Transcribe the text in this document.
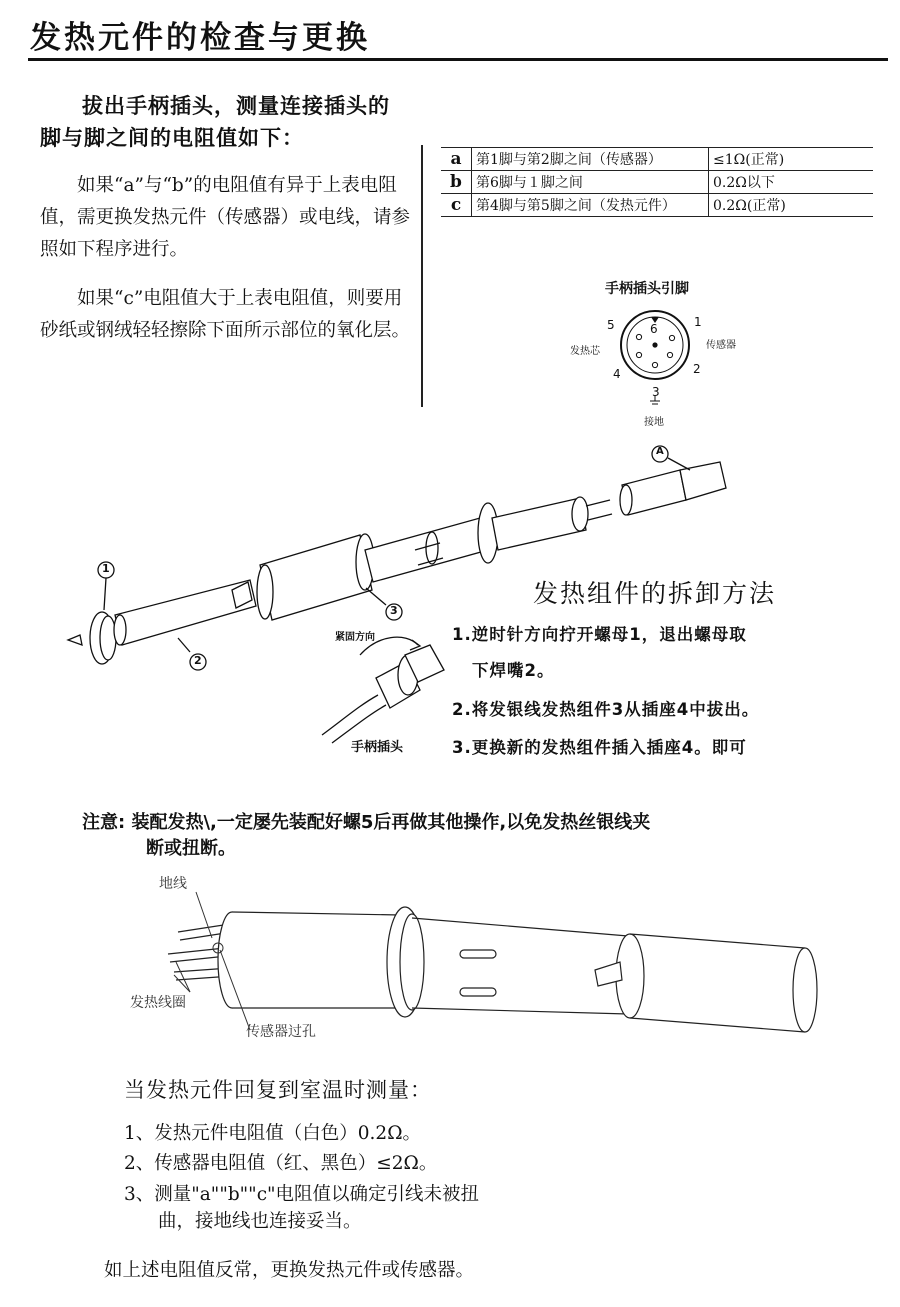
发热元件的检查与更换
拔出手柄插头，测量连接插头的脚与脚之间的电阻值如下：
如果“a”与“b”的电阻值有异于上表电阻值，需更换发热元件（传感器）或电线，请参照如下程序进行。
如果“c”电阻值大于上表电阻值，则要用砂纸或钢绒轻轻擦除下面所示部位的氧化层。
a	第1脚与第2脚之间（传感器）	≤1Ω(正常)
b	第6脚与１脚之间	0.2Ω以下
c	第4脚与第5脚之间（发热元件）	0.2Ω(正常)
手柄插头引脚
6	1
2
3
4
5
发热芯
传感器
接地
1
2
3
A
紧固方向
手柄插头
发热组件的拆卸方法
1.逆时针方向拧开螺母1，退出螺母取
下焊嘴2。
2.将发银线发热组件3从插座4中拔出。
3.更换新的发热组件插入插座4。即可
注意: 装配发热\,一定屡先装配好螺5后再做其他操作,以免发热丝银线夹
断或扭断。
地线
发热线圈
传感器过孔
当发热元件回复到室温时测量：
1、发热元件电阻值（白色）0.2Ω。
2、传感器电阻值（红、黑色）≤2Ω。
3、测量"a""b""c"电阻值以确定引线未被扭
曲，接地线也连接妥当。
如上述电阻值反常，更换发热元件或传感器。
